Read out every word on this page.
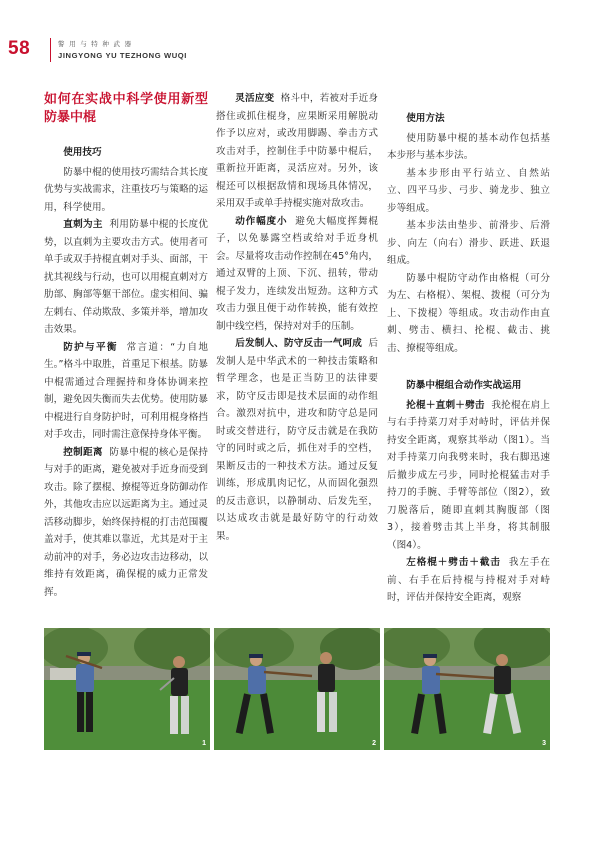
58	警用与特种武器
JINGYONG YU TEZHONG WUQI
如何在实战中科学使用新型防暴中棍
使用技巧

防暴中棍的使用技巧需结合其长度优势与实战需求，注重技巧与策略的运用，科学使用。

直刺为主 利用防暴中棍的长度优势，以直刺为主要攻击方式。使用者可单手或双手持棍直刺对手头、面部，干扰其视线与行动，也可以用棍直刺对方肋部、胸部等躯干部位。虚实相间、骗左刺右、佯动欺敌、多策并举，增加攻击效果。

防护与平衡 常言道：“力自地生。”格斗中取胜，首重足下根基。防暴中棍需通过合理握持和身体协调来控制，避免因失衡而失去优势。使用防暴中棍进行自身防护时，可利用棍身格挡对手攻击，同时需注意保持身体平衡。

控制距离 防暴中棍的核心是保持与对手的距离，避免被对手近身而受到攻击。除了摆棍、撩棍等近身防御动作外，其他攻击应以远距离为主。通过灵活移动脚步，始终保持棍的打击范围覆盖对手，使其难以靠近，尤其是对于主动前冲的对手，务必边攻击边移动，以维持有效距离，确保棍的威力正常发挥。

灵活应变 格斗中，若被对手近身搭住或抓住棍身，应果断采用解脱动作予以应对，或改用脚踢、拳击方式攻击对手，控制住手中防暴中棍后，重新拉开距离，灵活应对。另外，该棍还可以根据敌情和现场具体情况，采用双手或单手持棍实施对敌攻击。

动作幅度小 避免大幅度挥舞棍子，以免暴露空档或给对手近身机会。尽量将攻击动作控制在45°角内，通过双臂的上顶、下沉、扭转，带动棍子发力，连续发出短劲。这种方式攻击力强且便于动作转换，能有效控制中线空档，保持对对手的压制。

后发制人、防守反击一气呵成 后发制人是中华武术的一种技击策略和哲学理念，也是正当防卫的法律要求，防守反击即是技术层面的动作组合。激烈对抗中，进攻和防守总是同时或交替进行，防守反击就是在我防守的同时或之后，抓住对手的空档，果断反击的一种技术方法。通过反复训练，形成肌肉记忆，从而固化强烈的反击意识，以静制动、后发先至，以达成攻击就是最好防守的行动效果。

使用方法

使用防暴中棍的基本动作包括基本步形与基本步法。

基本步形由平行站立、自然站立、四平马步、弓步、骑龙步、独立步等组成。

基本步法由垫步、前滑步、后滑步、向左（向右）滑步、跃进、跃退组成。

防暴中棍防守动作由格棍（可分为左、右格棍）、架棍、拨棍（可分为上、下拨棍）等组成。攻击动作由直刺、劈击、横扫、抡棍、截击、挑击、撩棍等组成。

防暴中棍组合动作实战运用

抡棍＋直刺＋劈击 我抡棍在肩上与右手持菜刀对手对峙时，评估并保持安全距离，观察其举动（图1）。当对手持菜刀向我劈来时，我右脚迅速后撤步成左弓步，同时抡棍猛击对手持刀的手腕、手臂等部位（图2），致刀脱落后，随即直刺其胸腹部（图3），接着劈击其上半身，将其制服（图4）。

左格棍＋劈击＋截击 我左手在前、右手在后持棍与持棍对手对峙时，评估并保持安全距离，观察

1	2	3
